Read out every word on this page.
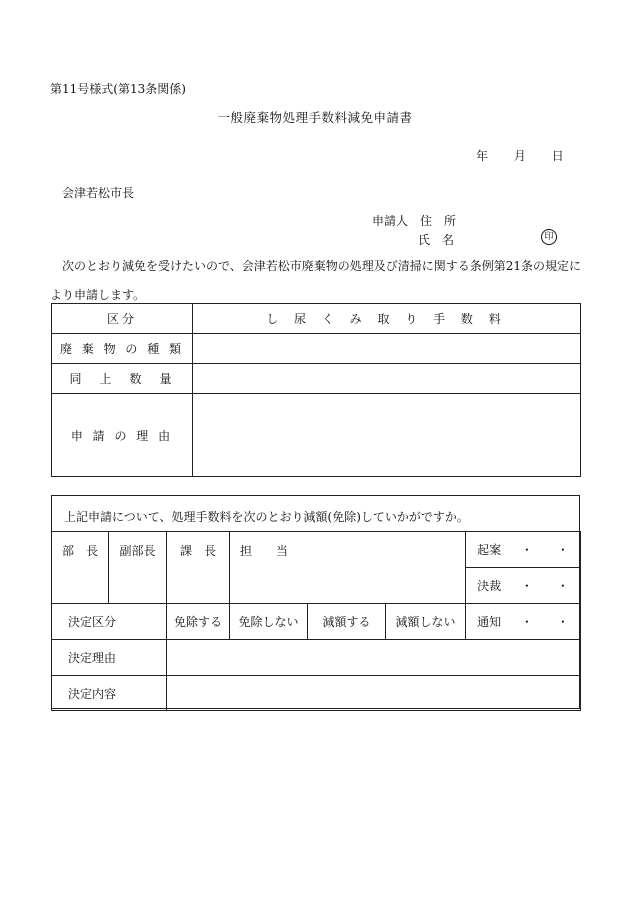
第11号様式(第13条関係)
一般廃棄物処理手数料減免申請書
年 月 日
会津若松市長
申請人　住　所
氏　名	印
次のとおり減免を受けたいので、会津若松市廃棄物の処理及び清掃に関する条例第21条の規定により申請します。
区分	し 尿 く み 取 り 手 数 料
廃 棄 物 の 種 類	
同　上　数　量	
申 請 の 理 由	
上記申請について、処理手数料を次のとおり減額(免除)していかがですか。
部　長	副部長	課　長	担　　当			起案 ・　　・
						決裁 ・　　・
決定区分		免除する	免除しない	減額する	減額しない	通知 ・　　・
決定理由						
決定内容						
